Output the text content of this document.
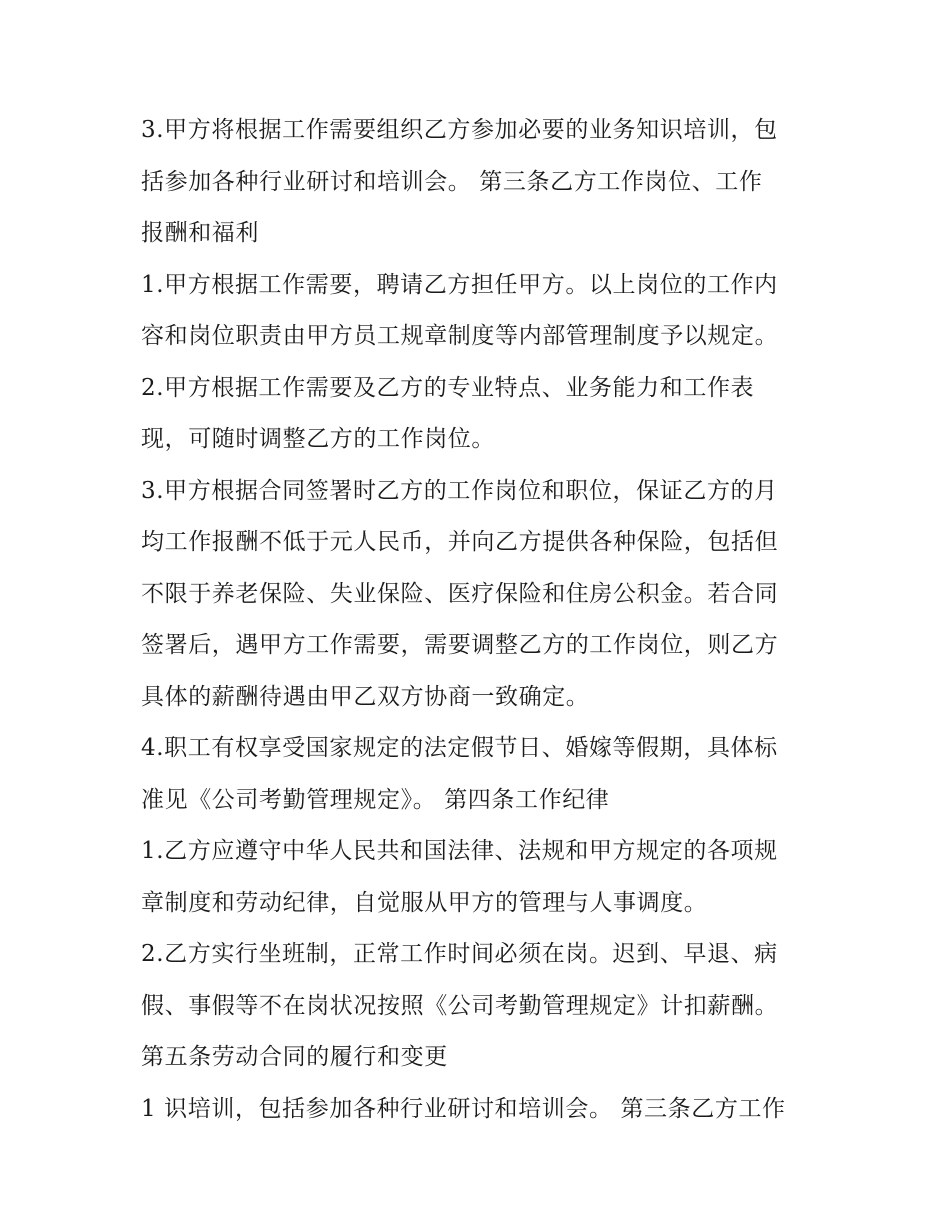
3.甲方将根据工作需要组织乙方参加必要的业务知识培训，包
括参加各种行业研讨和培训会。 第三条乙方工作岗位、工作
报酬和福利
1.甲方根据工作需要，聘请乙方担任甲方。以上岗位的工作内
容和岗位职责由甲方员工规章制度等内部管理制度予以规定。
2.甲方根据工作需要及乙方的专业特点、业务能力和工作表
现，可随时调整乙方的工作岗位。
3.甲方根据合同签署时乙方的工作岗位和职位，保证乙方的月
均工作报酬不低于元人民币，并向乙方提供各种保险，包括但
不限于养老保险、失业保险、医疗保险和住房公积金。若合同
签署后，遇甲方工作需要，需要调整乙方的工作岗位，则乙方
具体的薪酬待遇由甲乙双方协商一致确定。
4.职工有权享受国家规定的法定假节日、婚嫁等假期，具体标
准见《公司考勤管理规定》。 第四条工作纪律
1.乙方应遵守中华人民共和国法律、法规和甲方规定的各项规
章制度和劳动纪律，自觉服从甲方的管理与人事调度。
2.乙方实行坐班制，正常工作时间必须在岗。迟到、早退、病
假、事假等不在岗状况按照《公司考勤管理规定》计扣薪酬。
第五条劳动合同的履行和变更
1 识培训，包括参加各种行业研讨和培训会。 第三条乙方工作
